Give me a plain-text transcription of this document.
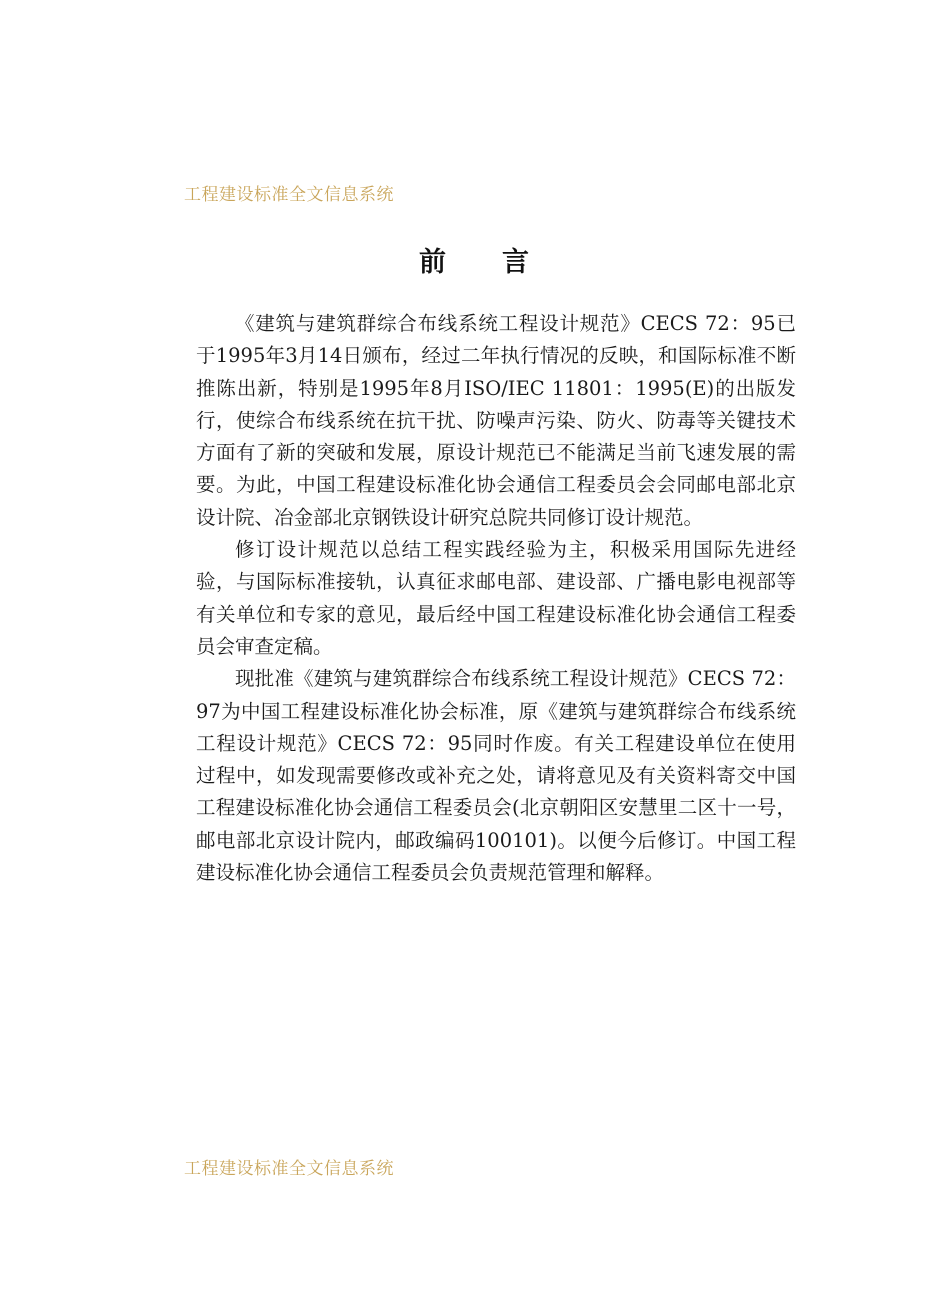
工程建设标准全文信息系统
前 言

《建筑与建筑群综合布线系统工程设计规范》CECS 72：95已于1995年3月14日颁布，经过二年执行情况的反映，和国际标准不断推陈出新，特别是1995年8月ISO/IEC 11801：1995(E)的出版发行，使综合布线系统在抗干扰、防噪声污染、防火、防毒等关键技术方面有了新的突破和发展，原设计规范已不能满足当前飞速发展的需要。为此，中国工程建设标准化协会通信工程委员会会同邮电部北京设计院、冶金部北京钢铁设计研究总院共同修订设计规范。

修订设计规范以总结工程实践经验为主，积极采用国际先进经验，与国际标准接轨，认真征求邮电部、建设部、广播电影电视部等有关单位和专家的意见，最后经中国工程建设标准化协会通信工程委员会审查定稿。

现批准《建筑与建筑群综合布线系统工程设计规范》CECS 72：97为中国工程建设标准化协会标准，原《建筑与建筑群综合布线系统工程设计规范》CECS 72：95同时作废。有关工程建设单位在使用过程中，如发现需要修改或补充之处，请将意见及有关资料寄交中国工程建设标准化协会通信工程委员会(北京朝阳区安慧里二区十一号，邮电部北京设计院内，邮政编码100101)。以便今后修订。中国工程建设标准化协会通信工程委员会负责规范管理和解释。

工程建设标准全文信息系统
